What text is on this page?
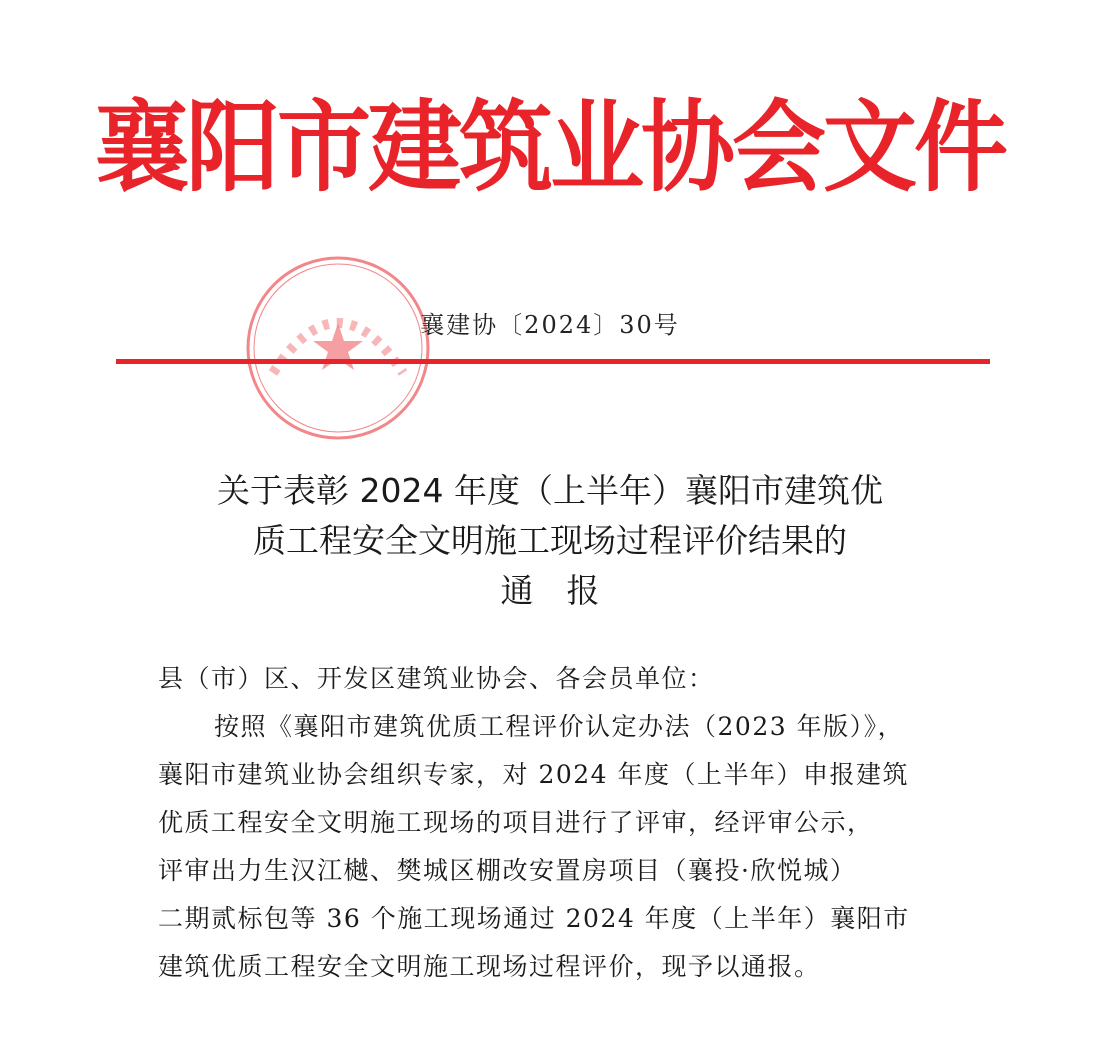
襄阳市建筑业协会文件
襄建协〔2024〕30号
关于表彰 2024 年度（上半年）襄阳市建筑优
质工程安全文明施工现场过程评价结果的
通　报

县（市）区、开发区建筑业协会、各会员单位：

按照《襄阳市建筑优质工程评价认定办法（2023 年版）》，

襄阳市建筑业协会组织专家，对 2024 年度（上半年）申报建筑

优质工程安全文明施工现场的项目进行了评审，经评审公示，

评审出力生汉江樾、樊城区棚改安置房项目（襄投·欣悦城）

二期贰标包等 36 个施工现场通过 2024 年度（上半年）襄阳市

建筑优质工程安全文明施工现场过程评价，现予以通报。
